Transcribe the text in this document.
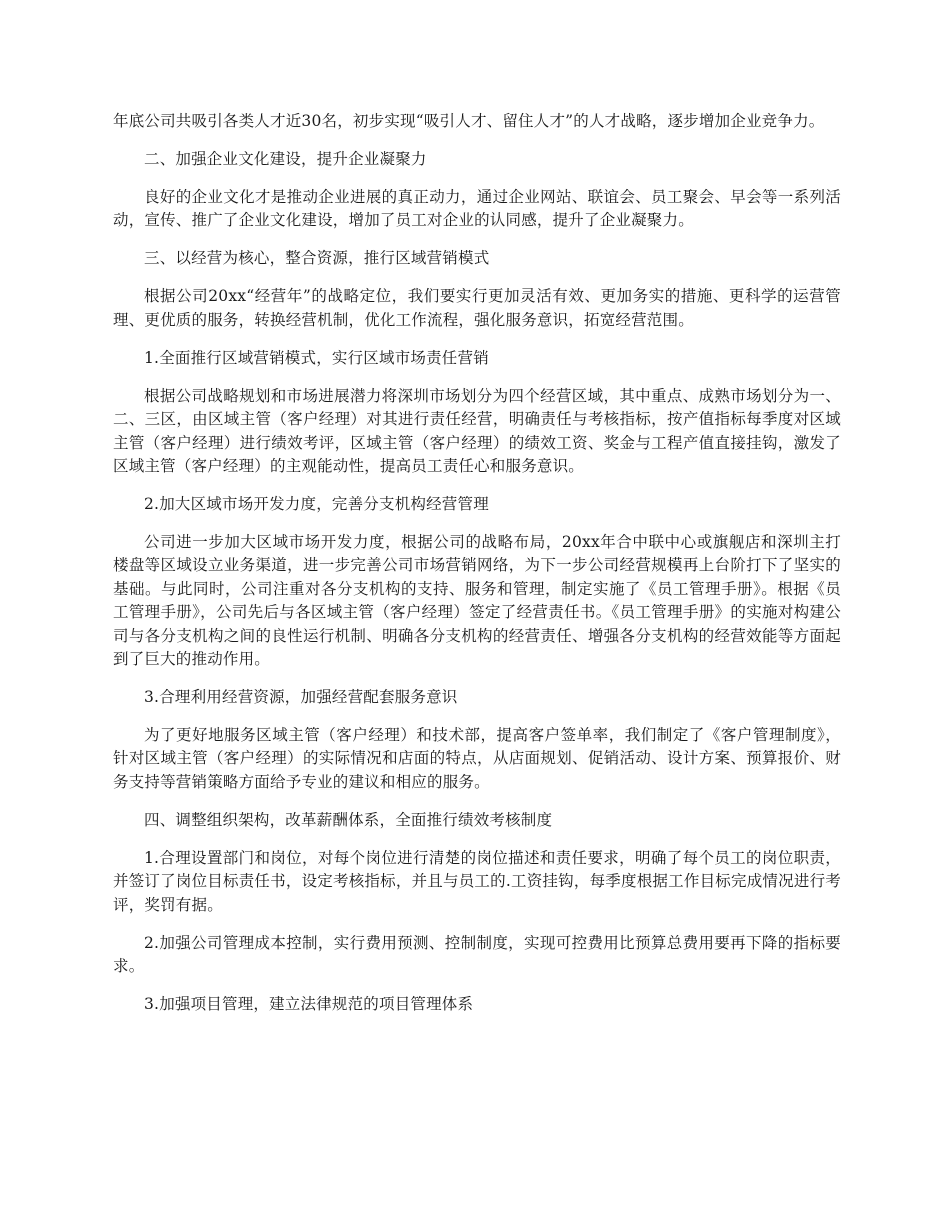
年底公司共吸引各类人才近30名，初步实现“吸引人才、留住人才”的人才战略，逐步增加企业竞争力。

二、加强企业文化建设，提升企业凝聚力

良好的企业文化才是推动企业进展的真正动力，通过企业网站、联谊会、员工聚会、早会等一系列活动，宣传、推广了企业文化建设，增加了员工对企业的认同感，提升了企业凝聚力。

三、以经营为核心，整合资源，推行区域营销模式

根据公司20xx“经营年”的战略定位，我们要实行更加灵活有效、更加务实的措施、更科学的运营管理、更优质的服务，转换经营机制，优化工作流程，强化服务意识，拓宽经营范围。

1.全面推行区域营销模式，实行区域市场责任营销

根据公司战略规划和市场进展潜力将深圳市场划分为四个经营区域，其中重点、成熟市场划分为一、二、三区，由区域主管（客户经理）对其进行责任经营，明确责任与考核指标，按产值指标每季度对区域主管（客户经理）进行绩效考评，区域主管（客户经理）的绩效工资、奖金与工程产值直接挂钩，激发了区域主管（客户经理）的主观能动性，提高员工责任心和服务意识。

2.加大区域市场开发力度，完善分支机构经营管理

公司进一步加大区域市场开发力度，根据公司的战略布局，20xx年合中联中心或旗舰店和深圳主打楼盘等区域设立业务渠道，进一步完善公司市场营销网络，为下一步公司经营规模再上台阶打下了坚实的基础。与此同时，公司注重对各分支机构的支持、服务和管理，制定实施了《员工管理手册》。根据《员工管理手册》，公司先后与各区域主管（客户经理）签定了经营责任书。《员工管理手册》的实施对构建公司与各分支机构之间的良性运行机制、明确各分支机构的经营责任、增强各分支机构的经营效能等方面起到了巨大的推动作用。

3.合理利用经营资源，加强经营配套服务意识

为了更好地服务区域主管（客户经理）和技术部，提高客户签单率，我们制定了《客户管理制度》，针对区域主管（客户经理）的实际情况和店面的特点，从店面规划、促销活动、设计方案、预算报价、财务支持等营销策略方面给予专业的建议和相应的服务。

四、调整组织架构，改革薪酬体系，全面推行绩效考核制度

1.合理设置部门和岗位，对每个岗位进行清楚的岗位描述和责任要求，明确了每个员工的岗位职责，并签订了岗位目标责任书，设定考核指标，并且与员工的.工资挂钩，每季度根据工作目标完成情况进行考评，奖罚有据。

2.加强公司管理成本控制，实行费用预测、控制制度，实现可控费用比预算总费用要再下降的指标要求。

3.加强项目管理，建立法律规范的项目管理体系
